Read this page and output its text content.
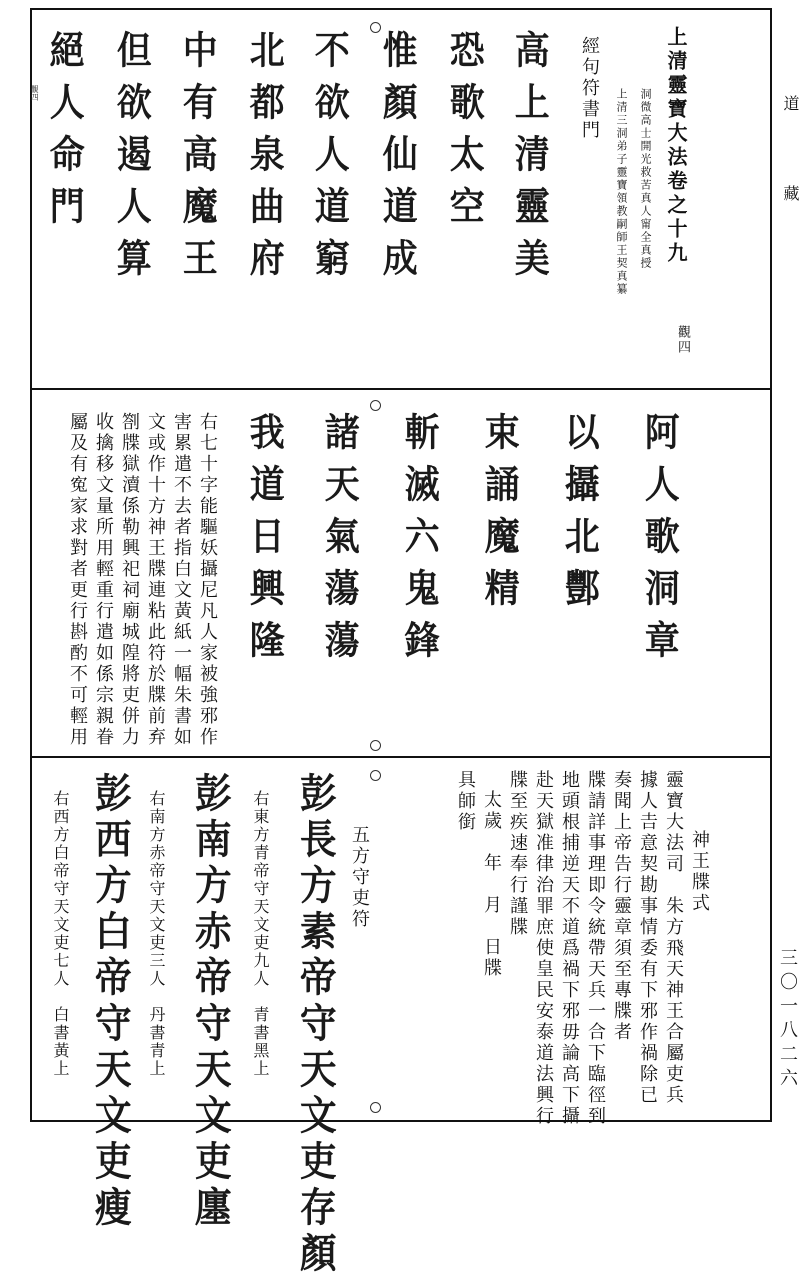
道
藏
三〇一八二六
上清靈寶大法卷之十九
觀四
洞微高士開光救苦真人甯全真授
上清三洞弟子靈寶領教嗣師王契真纂
經句符書門
高上清靈美
恐歌太空
惟顏仙道成
不欲人道窮
北都泉曲府
中有高魔王
但欲遏人算
絕人命門
觀四
阿人歌洞章
以攝北酆
束誦魔精
斬滅六鬼鋒
諸天氣蕩蕩
我道日興隆
右七十字能驅妖攝尼凡人家被強邪作
害累遣不去者指白文黃紙一幅朱書如
文或作十方神王牒連粘此符於牒前弃
劄牒獄瀆係勒興祀祠廟城隍將吏併力
收擒移文量所用輕重行遣如係宗親眷
屬及有寃家求對者更行斟酌不可輕用
神王牒式
靈寶大法司　朱方飛天神王合屬吏兵
據人𠮷意契勘事情委有下邪作禍除已
奏聞上帝告行靈章須至專牒者
牒請詳事理即令統帶天兵一合下臨徑到
地頭根捕逆天不道爲禍下邪毋論高下攝
赴天獄准律治罪庶使皇民安泰道法興行
牒至疾速奉行謹牒
太歲　年　月　日牒
具師銜
五方守吏符
彭長方素帝守天文吏存顏
右東方青帝守天文吏九人　青書黑上
彭南方赤帝守天文吏廛
右南方赤帝守天文吏三人　丹書青上
彭西方白帝守天文吏瘦
右西方白帝守天文吏七人　白書黃上
